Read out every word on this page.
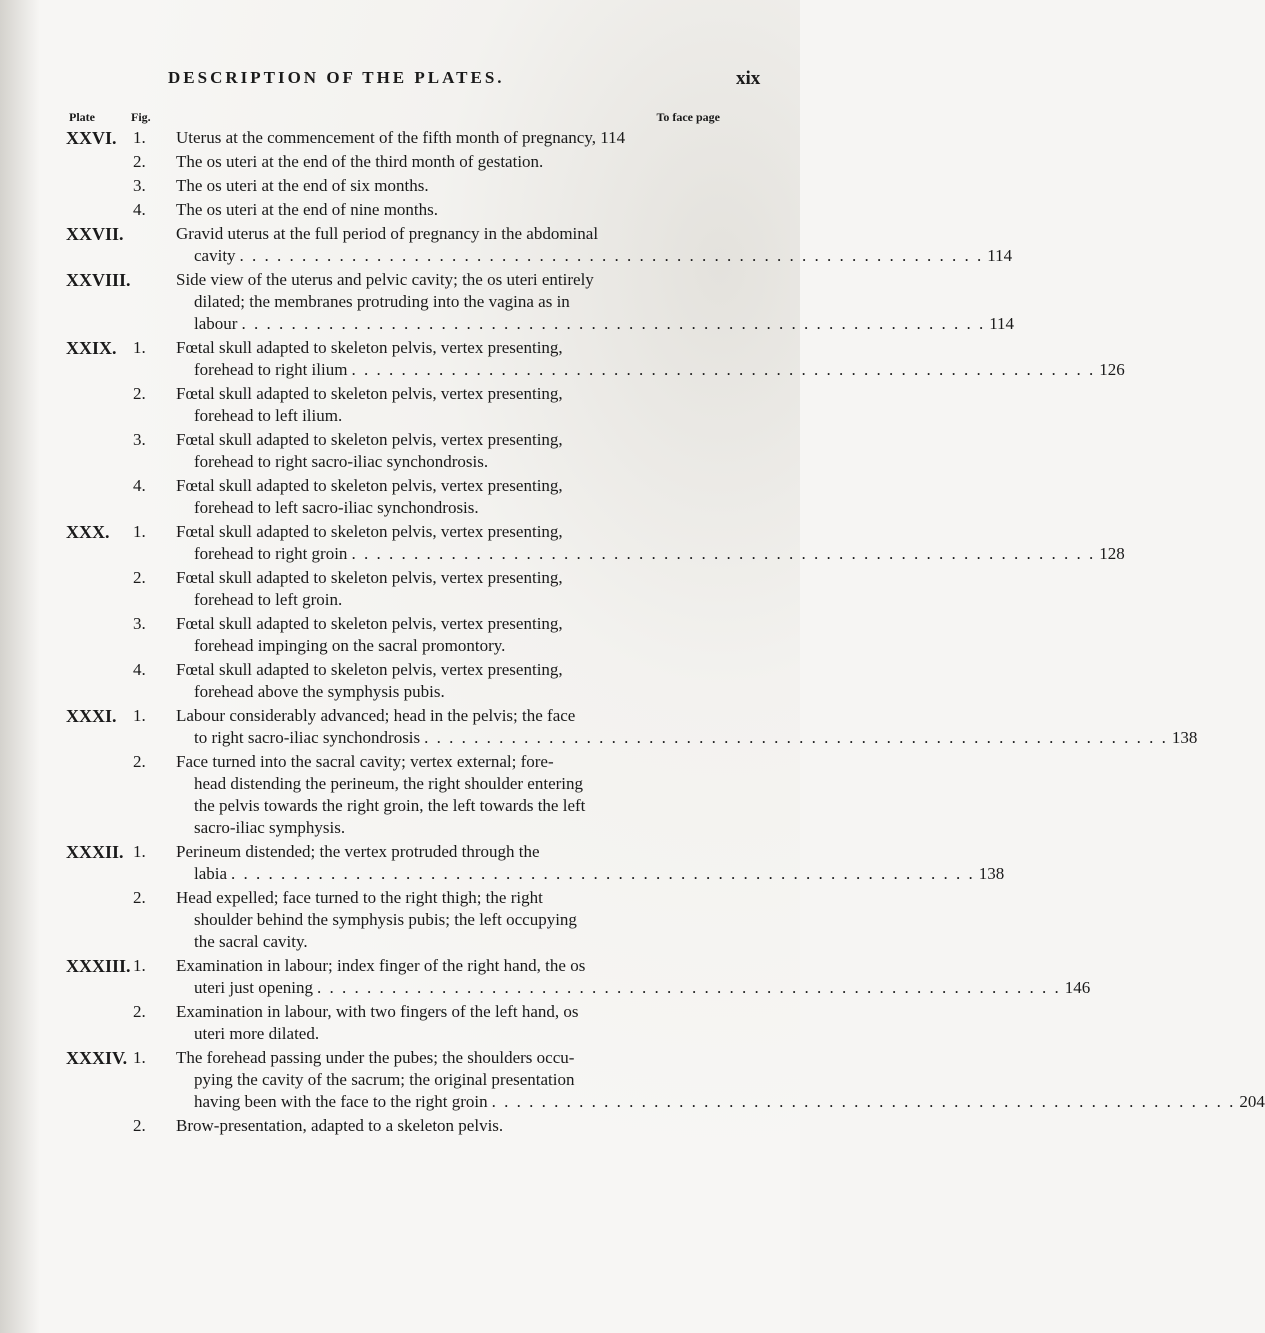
DESCRIPTION OF THE PLATES.	xix
Plate	Fig.	To face page
XXVI. 1. Uterus at the commencement of the fifth month of pregnancy, 114
2. The os uteri at the end of the third month of gestation.
3. The os uteri at the end of six months.
4. The os uteri at the end of nine months.
XXVII.	Gravid uterus at the full period of pregnancy in the abdominal
cavity . . . . . . . . . . . . . . . . . . . . . . . . . . . . . . . . . . . . . . . . . . . . . . . . . . . . . . . . . . . . 114
XXVIII.	Side view of the uterus and pelvic cavity; the os uteri entirely
dilated; the membranes protruding into the vagina as in
labour . . . . . . . . . . . . . . . . . . . . . . . . . . . . . . . . . . . . . . . . . . . . . . . . . . . . . . . . . . . . 114
XXIX. 1. Fœtal skull adapted to skeleton pelvis, vertex presenting,
forehead to right ilium . . . . . . . . . . . . . . . . . . . . . . . . . . . . . . . . . . . . . . . . . . . . . . . . . . . . . . . . . . . . 126
2. Fœtal skull adapted to skeleton pelvis, vertex presenting,
forehead to left ilium.
3. Fœtal skull adapted to skeleton pelvis, vertex presenting,
forehead to right sacro-iliac synchondrosis.
4. Fœtal skull adapted to skeleton pelvis, vertex presenting,
forehead to left sacro-iliac synchondrosis.
XXX. 1. Fœtal skull adapted to skeleton pelvis, vertex presenting,
forehead to right groin . . . . . . . . . . . . . . . . . . . . . . . . . . . . . . . . . . . . . . . . . . . . . . . . . . . . . . . . . . . . 128
2. Fœtal skull adapted to skeleton pelvis, vertex presenting,
forehead to left groin.
3. Fœtal skull adapted to skeleton pelvis, vertex presenting,
forehead impinging on the sacral promontory.
4. Fœtal skull adapted to skeleton pelvis, vertex presenting,
forehead above the symphysis pubis.
XXXI. 1. Labour considerably advanced; head in the pelvis; the face
to right sacro-iliac synchondrosis . . . . . . . . . . . . . . . . . . . . . . . . . . . . . . . . . . . . . . . . . . . . . . . . . . . . . . . . . . . . 138
2. Face turned into the sacral cavity; vertex external; fore-
head distending the perineum, the right shoulder entering
the pelvis towards the right groin, the left towards the left
sacro-iliac symphysis.
XXXII. 1. Perineum distended; the vertex protruded through the
labia . . . . . . . . . . . . . . . . . . . . . . . . . . . . . . . . . . . . . . . . . . . . . . . . . . . . . . . . . . . . 138
2. Head expelled; face turned to the right thigh; the right
shoulder behind the symphysis pubis; the left occupying
the sacral cavity.
XXXIII. 1. Examination in labour; index finger of the right hand, the os
uteri just opening . . . . . . . . . . . . . . . . . . . . . . . . . . . . . . . . . . . . . . . . . . . . . . . . . . . . . . . . . . . . 146
2. Examination in labour, with two fingers of the left hand, os
uteri more dilated.
XXXIV. 1. The forehead passing under the pubes; the shoulders occu-
pying the cavity of the sacrum; the original presentation
having been with the face to the right groin . . . . . . . . . . . . . . . . . . . . . . . . . . . . . . . . . . . . . . . . . . . . . . . . . . . . . . . . . . . . 204
2. Brow-presentation, adapted to a skeleton pelvis.
